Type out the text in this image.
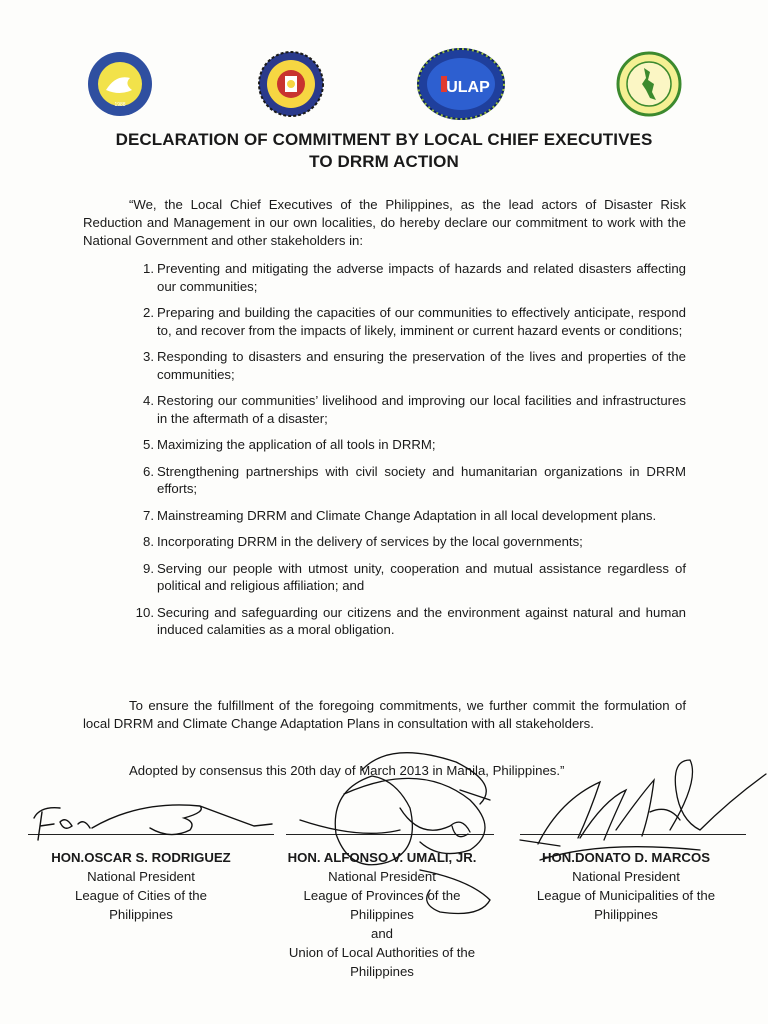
1988
ULAP
DECLARATION OF COMMITMENT BY LOCAL CHIEF EXECUTIVES
TO DRRM ACTION
“We, the Local Chief Executives of the Philippines, as the lead actors of Disaster Risk Reduction and Management in our own localities, do hereby declare our commitment to work with the National Government and other stakeholders in:
1. Preventing and mitigating the adverse impacts of hazards and related disasters affecting our communities;
2. Preparing and building the capacities of our communities to effectively anticipate, respond to, and recover from the impacts of likely, imminent or current hazard events or conditions;
3. Responding to disasters and ensuring the preservation of the lives and properties of the communities;
4. Restoring our communities’ livelihood and improving our local facilities and infrastructures in the aftermath of a disaster;
5. Maximizing the application of all tools in DRRM;
6. Strengthening partnerships with civil society and humanitarian organizations in DRRM efforts;
7. Mainstreaming DRRM and Climate Change Adaptation in all local development plans.
8. Incorporating DRRM in the delivery of services by the local governments;
9. Serving our people with utmost unity, cooperation and mutual assistance regardless of political and religious affiliation; and
10. Securing and safeguarding our citizens and the environment against natural and human induced calamities as a moral obligation.
To ensure the fulfillment of the foregoing commitments, we further commit the formulation of local DRRM and Climate Change Adaptation Plans in consultation with all stakeholders.
Adopted by consensus this 20th day of March 2013 in Manila, Philippines.”
HON.OSCAR S. RODRIGUEZ
National President
League of Cities of the
Philippines
HON. ALFONSO V. UMALI, JR.
National President
League of Provinces of the
Philippines
and
Union of Local Authorities of the
Philippines
HON.DONATO D. MARCOS
National President
League of Municipalities of the
Philippines
